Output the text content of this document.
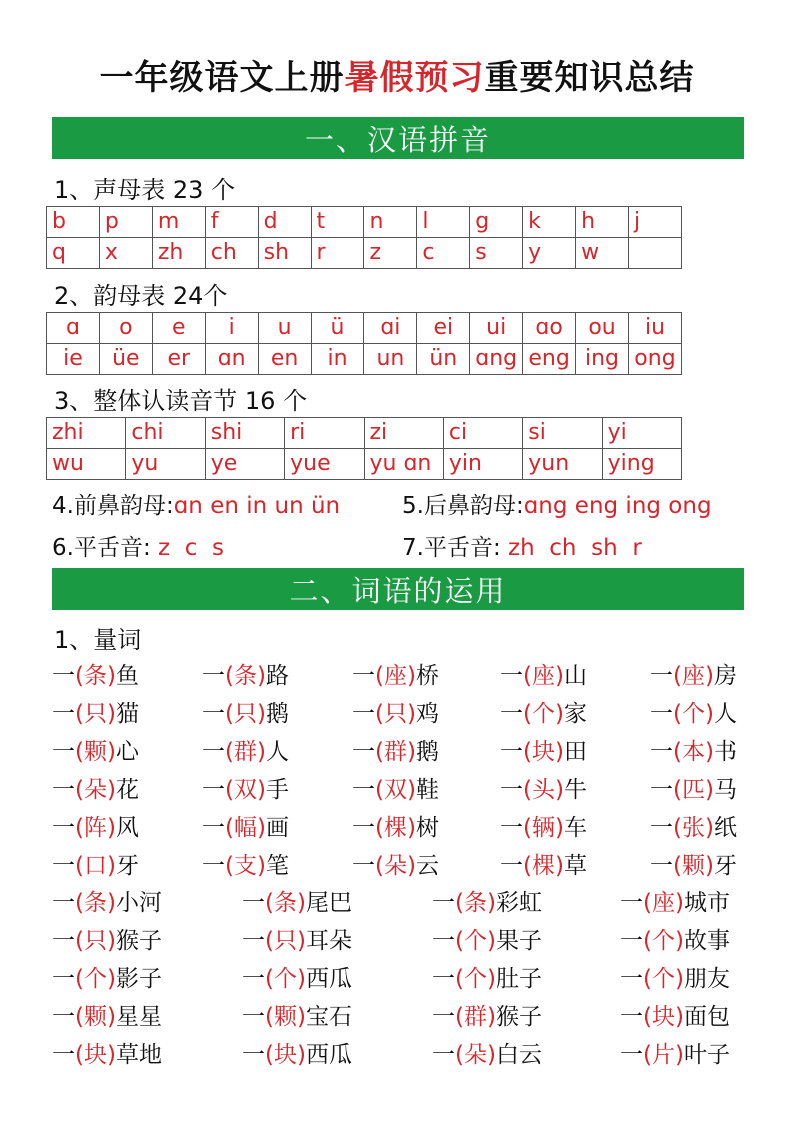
一年级语文上册暑假预习重要知识总结
一、汉语拼音
1、声母表 23 个
b	p	m	f	d	t	n	l	g	k	h	j
q	x	zh	ch	sh	r	z	c	s	y	w	
2、韵母表 24个
ɑ	o	e	i	u	ü	ɑi	ei	ui	ɑo	ou	iu
ie	üe	er	ɑn	en	in	un	ün	ɑng	eng	ing	ong
3、整体认读音节 16 个
zhi	chi	shi	ri	zi	ci	si	yi
wu	yu	ye	yue	yu ɑn	yin	yun	ying
4.前鼻韵母:ɑn en in un ün	5.后鼻韵母:ɑng eng ing ong
6.平舌音: z  c  s	7.平舌音: zh  ch  sh  r
二、词语的运用
1、量词
一(条)鱼	一(条)路	一(座)桥	一(座)山	一(座)房
一(只)猫	一(只)鹅	一(只)鸡	一(个)家	一(个)人
一(颗)心	一(群)人	一(群)鹅	一(块)田	一(本)书
一(朵)花	一(双)手	一(双)鞋	一(头)牛	一(匹)马
一(阵)风	一(幅)画	一(棵)树	一(辆)车	一(张)纸
一(口)牙	一(支)笔	一(朵)云	一(棵)草	一(颗)牙
一(条)小河	一(条)尾巴	一(条)彩虹	一(座)城市
一(只)猴子	一(只)耳朵	一(个)果子	一(个)故事
一(个)影子	一(个)西瓜	一(个)肚子	一(个)朋友
一(颗)星星	一(颗)宝石	一(群)猴子	一(块)面包
一(块)草地	一(块)西瓜	一(朵)白云	一(片)叶子
